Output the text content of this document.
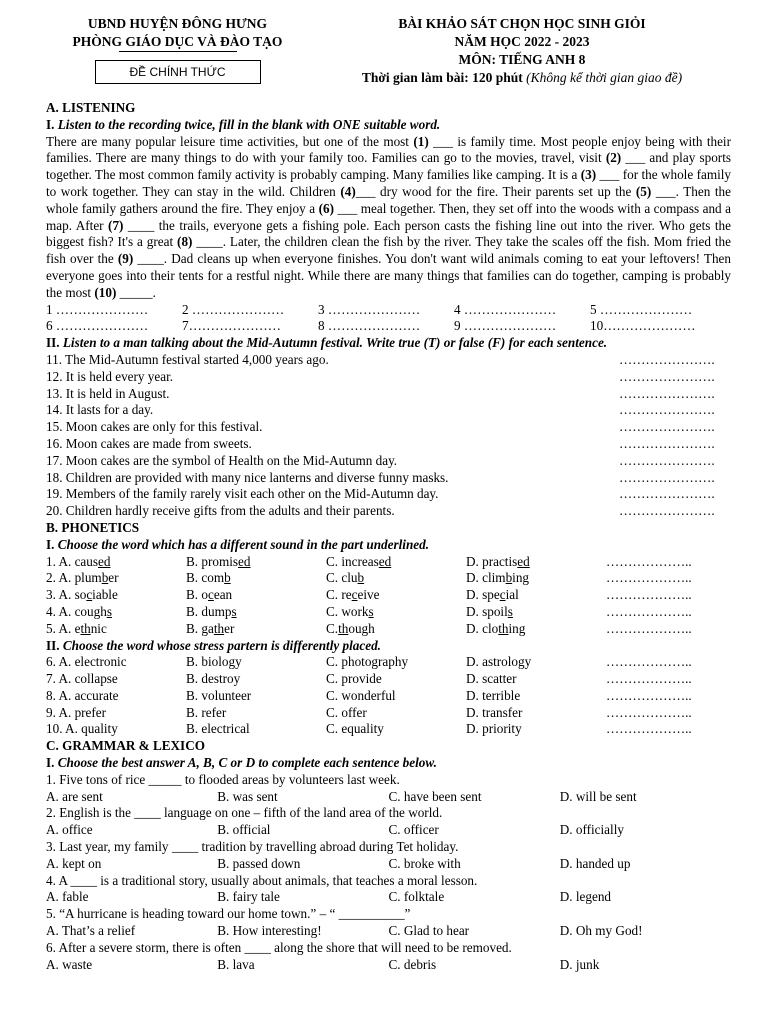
UBND HUYỆN ĐÔNG HƯNG
PHÒNG GIÁO DỤC VÀ ĐÀO TẠO
ĐỀ CHÍNH THỨC
BÀI KHẢO SÁT CHỌN HỌC SINH GIỎI
NĂM HỌC 2022 - 2023
MÔN: TIẾNG ANH 8
Thời gian làm bài: 120 phút (Không kể thời gian giao đề)
A. LISTENING
I. Listen to the recording twice, fill in the blank with ONE suitable word.
There are many popular leisure time activities, but one of the most (1) ___ is family time. Most people enjoy being with their families. There are many things to do with your family too. Families can go to the movies, travel, visit (2) ___ and play sports together. The most common family activity is probably camping. Many families like camping. It is a (3) ___ for the whole family to work together. They can stay in the wild. Children (4)___ dry wood for the fire. Their parents set up the (5) ___. Then the whole family gathers around the fire. They enjoy a (6) ___ meal together. Then, they set off into the woods with a compass and a map. After (7) ____ the trails, everyone gets a fishing pole. Each person casts the fishing line out into the river. Who gets the biggest fish? It's a great (8) ____. Later, the children clean the fish by the river. They take the scales off the fish. Mom fried the fish over the (9) ____. Dad cleans up when everyone finishes. You don't want wild animals coming to eat your leftovers! Then everyone goes into their tents for a restful night. While there are many things that families can do together, camping is probably the most (10) _____.
1 …………………	2 …………………	3 …………………	4 …………………	5 …………………
6 …………………	7…………………	8 …………………	9 …………………	10…………………
II. Listen to a man talking about the Mid-Autumn festival. Write true (T) or false (F) for each sentence.
11. The Mid-Autumn festival started 4,000 years ago.	………………….
12. It is held every year.	………………….
13. It is held in August.	………………….
14. It lasts for a day.	………………….
15. Moon cakes are only for this festival.	………………….
16. Moon cakes are made from sweets.	………………….
17. Moon cakes are the symbol of Health on the Mid-Autumn day.	………………….
18. Children are provided with many nice lanterns and diverse funny masks.	………………….
19. Members of the family rarely visit each other on the Mid-Autumn day.	………………….
20. Children hardly receive gifts from the adults and their parents.	………………….
B. PHONETICS
I. Choose the word which has a different sound in the part underlined.
1. A. caused	B. promised	C. increased	D. practised	………………..
2. A. plumber	B. comb	C. club	D. climbing	………………..
3. A. sociable	B. ocean	C. receive	D. special	………………..
4. A. coughs	B. dumps	C. works	D. spoils	………………..
5. A. ethnic	B. gather	C.though	D. clothing	………………..
II. Choose the word whose stress partern is differently placed.
6. A. electronic	B. biology	C. photography	D. astrology	………………..
7. A. collapse	B. destroy	C. provide	D. scatter	………………..
8. A. accurate	B. volunteer	C. wonderful	D. terrible	………………..
9. A. prefer	B. refer	C. offer	D. transfer	………………..
10. A. quality	B. electrical	C. equality	D. priority	………………..
C. GRAMMAR & LEXICO
I. Choose the best answer A, B, C or D to complete each sentence below.
1. Five tons of rice _____ to flooded areas by volunteers last week.
A. are sent	B. was sent	C. have been sent	D. will be sent
2. English is the ____ language on one – fifth of the land area of the world.
A. office	B. official	C. officer	D. officially
3. Last year, my family ____ tradition by travelling abroad during Tet holiday.
A. kept on	B. passed down	C. broke with	D. handed up
4. A ____ is a traditional story, usually about animals, that teaches a moral lesson.
A. fable	B. fairy tale	C. folktale	D. legend
5. “A hurricane is heading toward our home town.” – “ __________”
A. That’s a relief	B. How interesting!	C. Glad to hear	D. Oh my God!
6. After a severe storm, there is often ____ along the shore that will need to be removed.
A. waste	B. lava	C. debris	D. junk
